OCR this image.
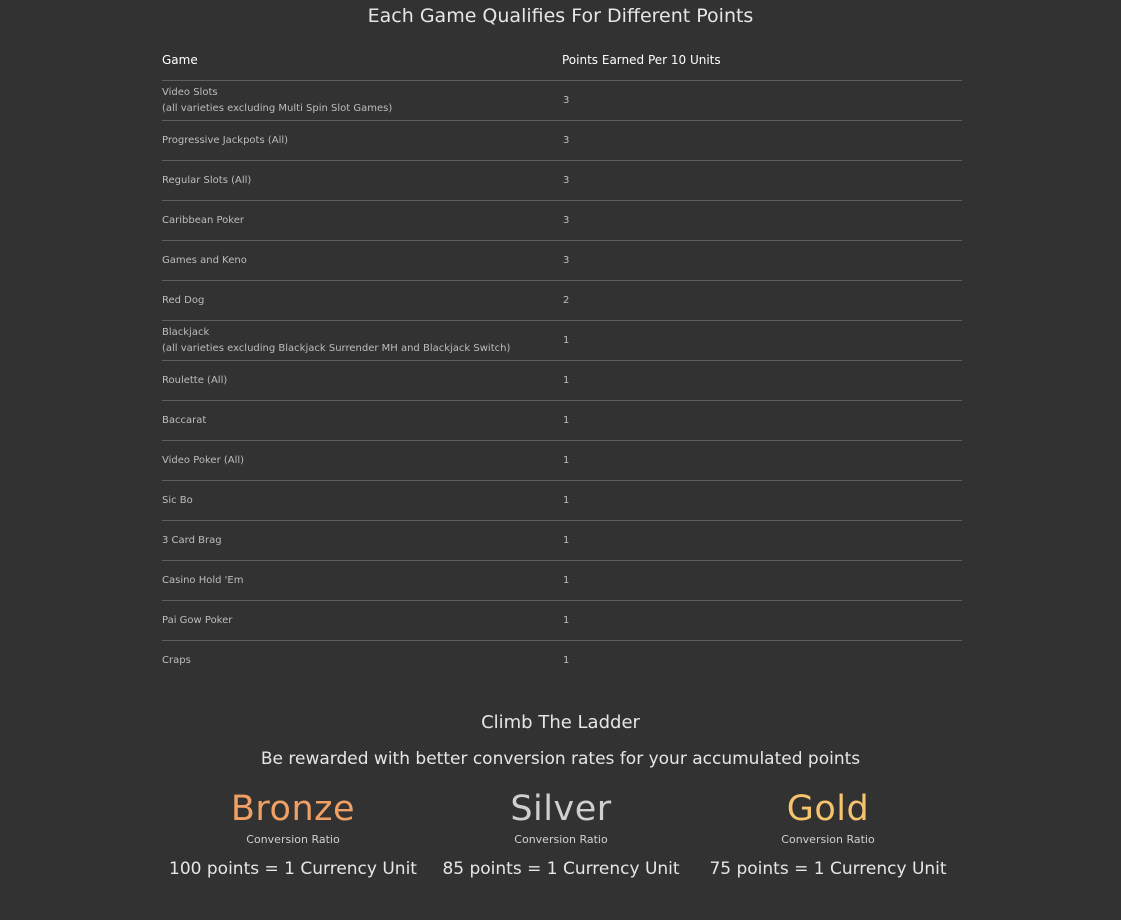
Each Game Qualifies For Different Points
Game	Points Earned Per 10 Units

Video Slots
(all varieties excluding Multi Spin Slot Games)	3

Progressive Jackpots (All)	3

Regular Slots (All)	3

Caribbean Poker	3

Games and Keno	3

Red Dog	2

Blackjack
(all varieties excluding Blackjack Surrender MH and Blackjack Switch)	1

Roulette (All)	1

Baccarat	1

Video Poker (All)	1

Sic Bo	1

3 Card Brag	1

Casino Hold 'Em	1

Pai Gow Poker	1

Craps	1
Climb The Ladder
Be rewarded with better conversion rates for your accumulated points
Bronze
Conversion Ratio
100 points = 1 Currency Unit
Silver
Conversion Ratio
85 points = 1 Currency Unit
Gold
Conversion Ratio
75 points = 1 Currency Unit
